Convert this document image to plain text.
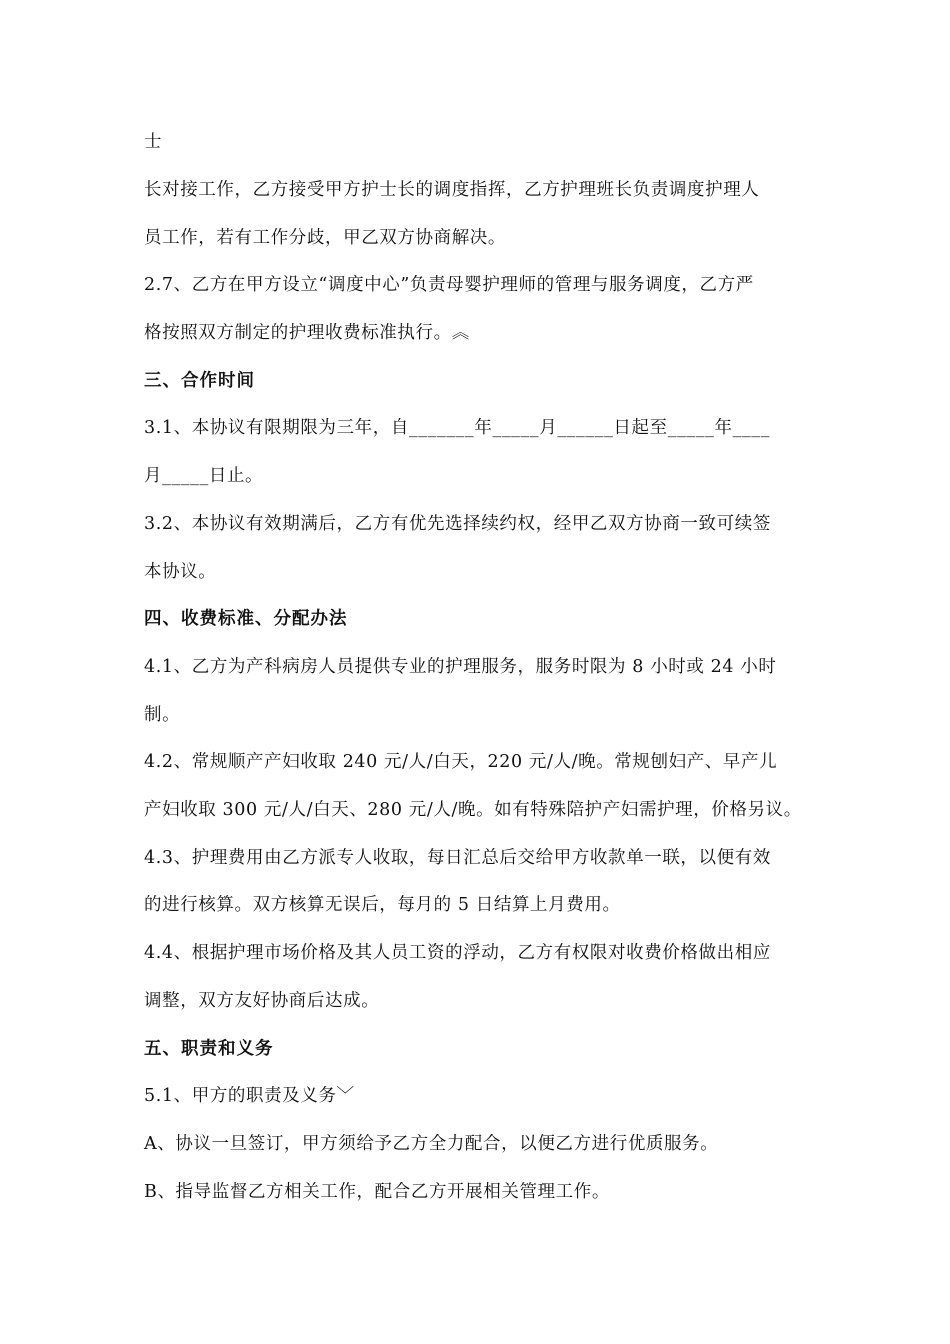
士
长对接工作，乙方接受甲方护士长的调度指挥，乙方护理班长负责调度护理人
员工作，若有工作分歧，甲乙双方协商解决。
2.7、乙方在甲方设立“调度中心”负责母婴护理师的管理与服务调度，乙方严
格按照双方制定的护理收费标准执行。︽
三、合作时间
3.1、本协议有限期限为三年，自_______年_____月______日起至_____年____
月_____日止。
3.2、本协议有效期满后，乙方有优先选择续约权，经甲乙双方协商一致可续签
本协议。
四、收费标准、分配办法
4.1、乙方为产科病房人员提供专业的护理服务，服务时限为 8 小时或 24 小时
制。
4.2、常规顺产产妇收取 240 元/人/白天，220 元/人/晚。常规刨妇产、早产儿
产妇收取 300 元/人/白天、280 元/人/晚。如有特殊陪护产妇需护理，价格另议。
4.3、护理费用由乙方派专人收取，每日汇总后交给甲方收款单一联，以便有效
的进行核算。双方核算无误后，每月的 5 日结算上月费用。
4.4、根据护理市场价格及其人员工资的浮动，乙方有权限对收费价格做出相应
调整，双方友好协商后达成。
五、职责和义务
5.1、甲方的职责及义务﹀
A、协议一旦签订，甲方须给予乙方全力配合，以便乙方进行优质服务。
B、指导监督乙方相关工作，配合乙方开展相关管理工作。
